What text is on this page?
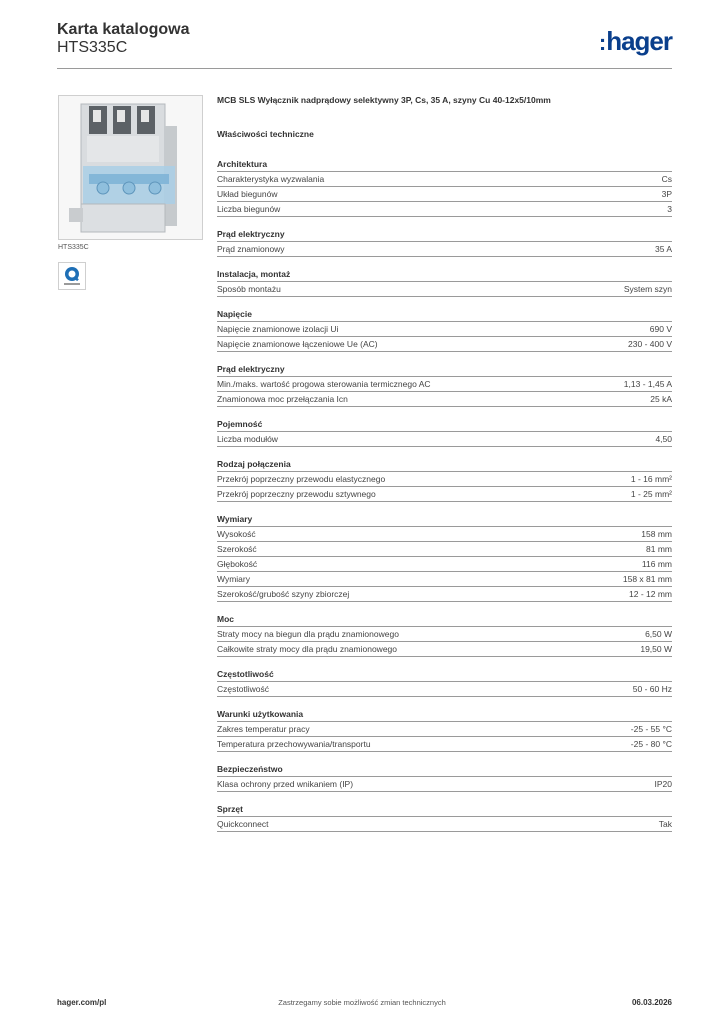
Karta katalogowa
HTS335C	:hager
HTS335C
MCB SLS Wyłącznik nadprądowy selektywny 3P, Cs, 35 A, szyny Cu 40-12x5/10mm
Właściwości techniczne
Architektura
Charakterystyka wyzwalania	Cs
Układ biegunów	3P
Liczba biegunów	3
Prąd elektryczny
Prąd znamionowy	35 A
Instalacja, montaż
Sposób montażu	System szyn
Napięcie
Napięcie znamionowe izolacji Ui	690 V
Napięcie znamionowe łączeniowe Ue (AC)	230 - 400 V
Prąd elektryczny
Min./maks. wartość progowa sterowania termicznego AC	1,13 - 1,45 A
Znamionowa moc przełączania Icn	25 kA
Pojemność
Liczba modułów	4,50
Rodzaj połączenia
Przekrój poprzeczny przewodu elastycznego	1 - 16 mm²
Przekrój poprzeczny przewodu sztywnego	1 - 25 mm²
Wymiary
Wysokość	158 mm
Szerokość	81 mm
Głębokość	116 mm
Wymiary	158 x 81 mm
Szerokość/grubość szyny zbiorczej	12 - 12 mm
Moc
Straty mocy na biegun dla prądu znamionowego	6,50 W
Całkowite straty mocy dla prądu znamionowego	19,50 W
Częstotliwość
Częstotliwość	50 - 60 Hz
Warunki użytkowania
Zakres temperatur pracy	-25 - 55 °C
Temperatura przechowywania/transportu	-25 - 80 °C
Bezpieczeństwo
Klasa ochrony przed wnikaniem (IP)	IP20
Sprzęt
Quickconnect	Tak
hager.com/pl	Zastrzegamy sobie możliwość zmian technicznych	06.03.2026
